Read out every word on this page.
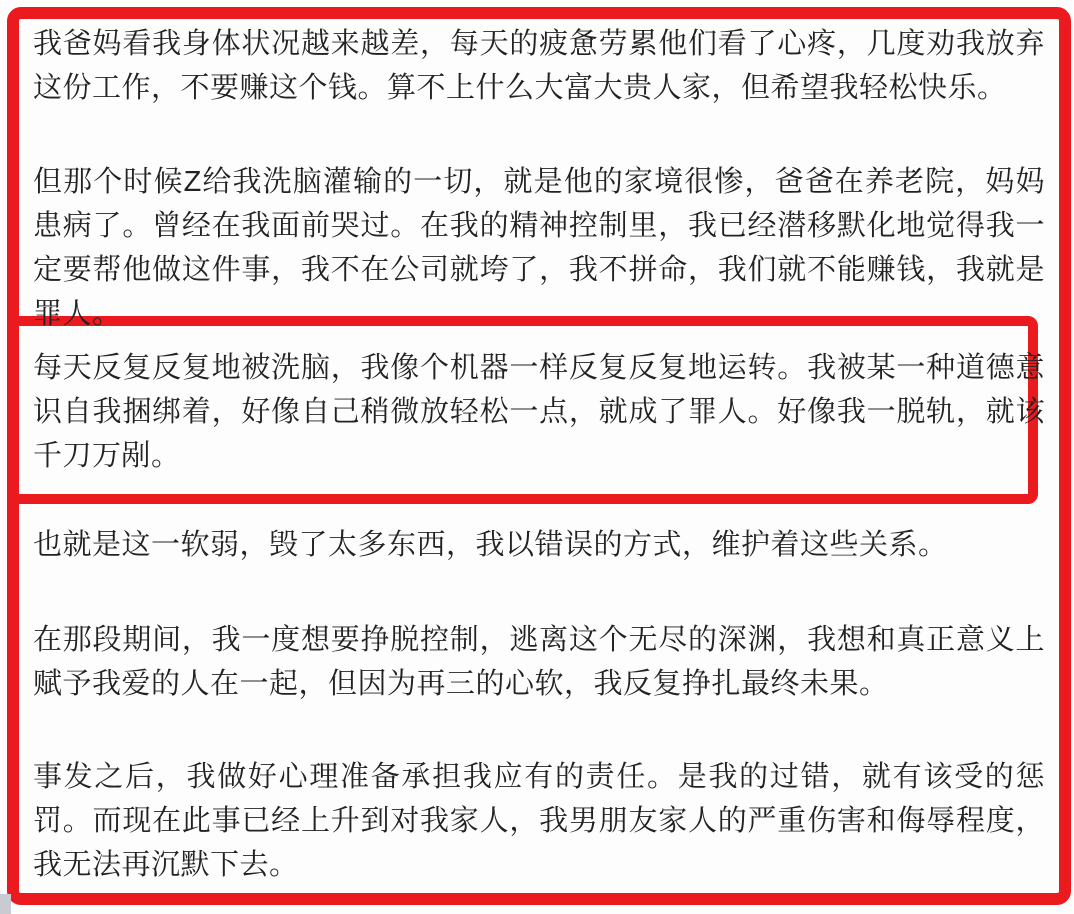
我爸妈看我身体状况越来越差，每天的疲惫劳累他们看了心疼，几度劝我放弃这份工作，不要赚这个钱。算不上什么大富大贵人家，但希望我轻松快乐。

但那个时候Z给我洗脑灌输的一切，就是他的家境很惨，爸爸在养老院，妈妈患病了。曾经在我面前哭过。在我的精神控制里，我已经潜移默化地觉得我一定要帮他做这件事，我不在公司就垮了，我不拼命，我们就不能赚钱，我就是罪人。

每天反复反复地被洗脑，我像个机器一样反复反复地运转。我被某一种道德意识自我捆绑着，好像自己稍微放轻松一点，就成了罪人。好像我一脱轨，就该千刀万剐。

也就是这一软弱，毁了太多东西，我以错误的方式，维护着这些关系。

在那段期间，我一度想要挣脱控制，逃离这个无尽的深渊，我想和真正意义上赋予我爱的人在一起，但因为再三的心软，我反复挣扎最终未果。

事发之后，我做好心理准备承担我应有的责任。是我的过错，就有该受的惩罚。而现在此事已经上升到对我家人，我男朋友家人的严重伤害和侮辱程度，我无法再沉默下去。
